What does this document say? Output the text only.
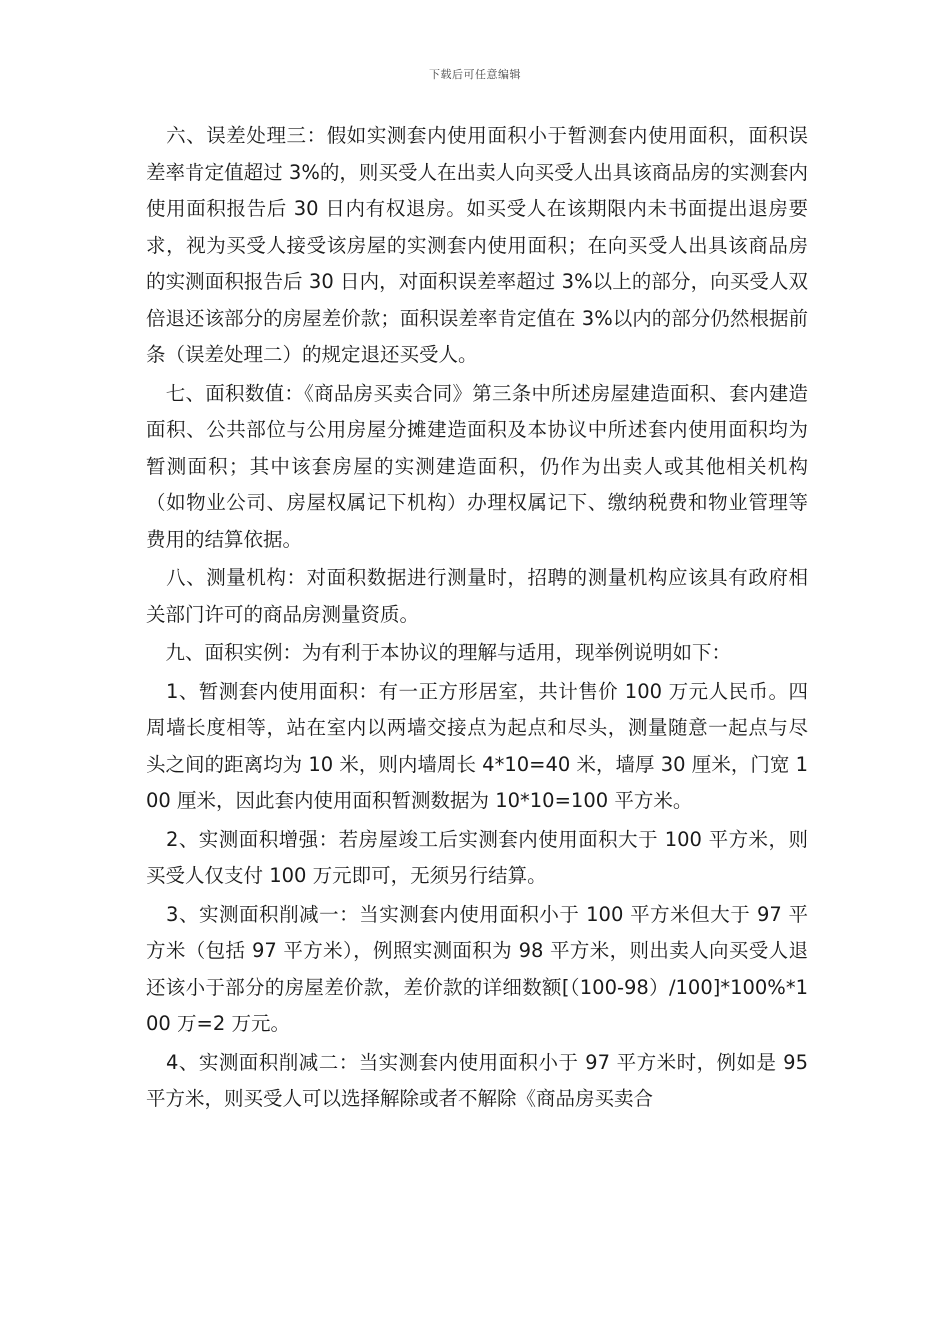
下载后可任意编辑

　六、误差处理三：假如实测套内使用面积小于暂测套内使用面积，面积误差率肯定值超过 3%的，则买受人在出卖人向买受人出具该商品房的实测套内使用面积报告后 30 日内有权退房。如买受人在该期限内未书面提出退房要求，视为买受人接受该房屋的实测套内使用面积；在向买受人出具该商品房的实测面积报告后 30 日内，对面积误差率超过 3%以上的部分，向买受人双倍退还该部分的房屋差价款；面积误差率肯定值在 3%以内的部分仍然根据前条（误差处理二）的规定退还买受人。

　七、面积数值：《商品房买卖合同》第三条中所述房屋建造面积、套内建造面积、公共部位与公用房屋分摊建造面积及本协议中所述套内使用面积均为暂测面积；其中该套房屋的实测建造面积，仍作为出卖人或其他相关机构（如物业公司、房屋权属记下机构）办理权属记下、缴纳税费和物业管理等费用的结算依据。

　八、测量机构：对面积数据进行测量时，招聘的测量机构应该具有政府相关部门许可的商品房测量资质。

　九、面积实例：为有利于本协议的理解与适用，现举例说明如下：

　1、暂测套内使用面积：有一正方形居室，共计售价 100 万元人民币。四周墙长度相等，站在室内以两墙交接点为起点和尽头，测量随意一起点与尽头之间的距离均为 10 米，则内墙周长 4*10=40 米，墙厚 30 厘米，门宽 100 厘米，因此套内使用面积暂测数据为 10*10=100 平方米。

　2、实测面积增强：若房屋竣工后实测套内使用面积大于 100 平方米，则买受人仅支付 100 万元即可，无须另行结算。

　3、实测面积削减一：当实测套内使用面积小于 100 平方米但大于 97 平方米（包括 97 平方米），例照实测面积为 98 平方米，则出卖人向买受人退还该小于部分的房屋差价款，差价款的详细数额[（100-98）/100]*100%*100 万=2 万元。

　4、实测面积削减二：当实测套内使用面积小于 97 平方米时，例如是 95 平方米，则买受人可以选择解除或者不解除《商品房买卖合
